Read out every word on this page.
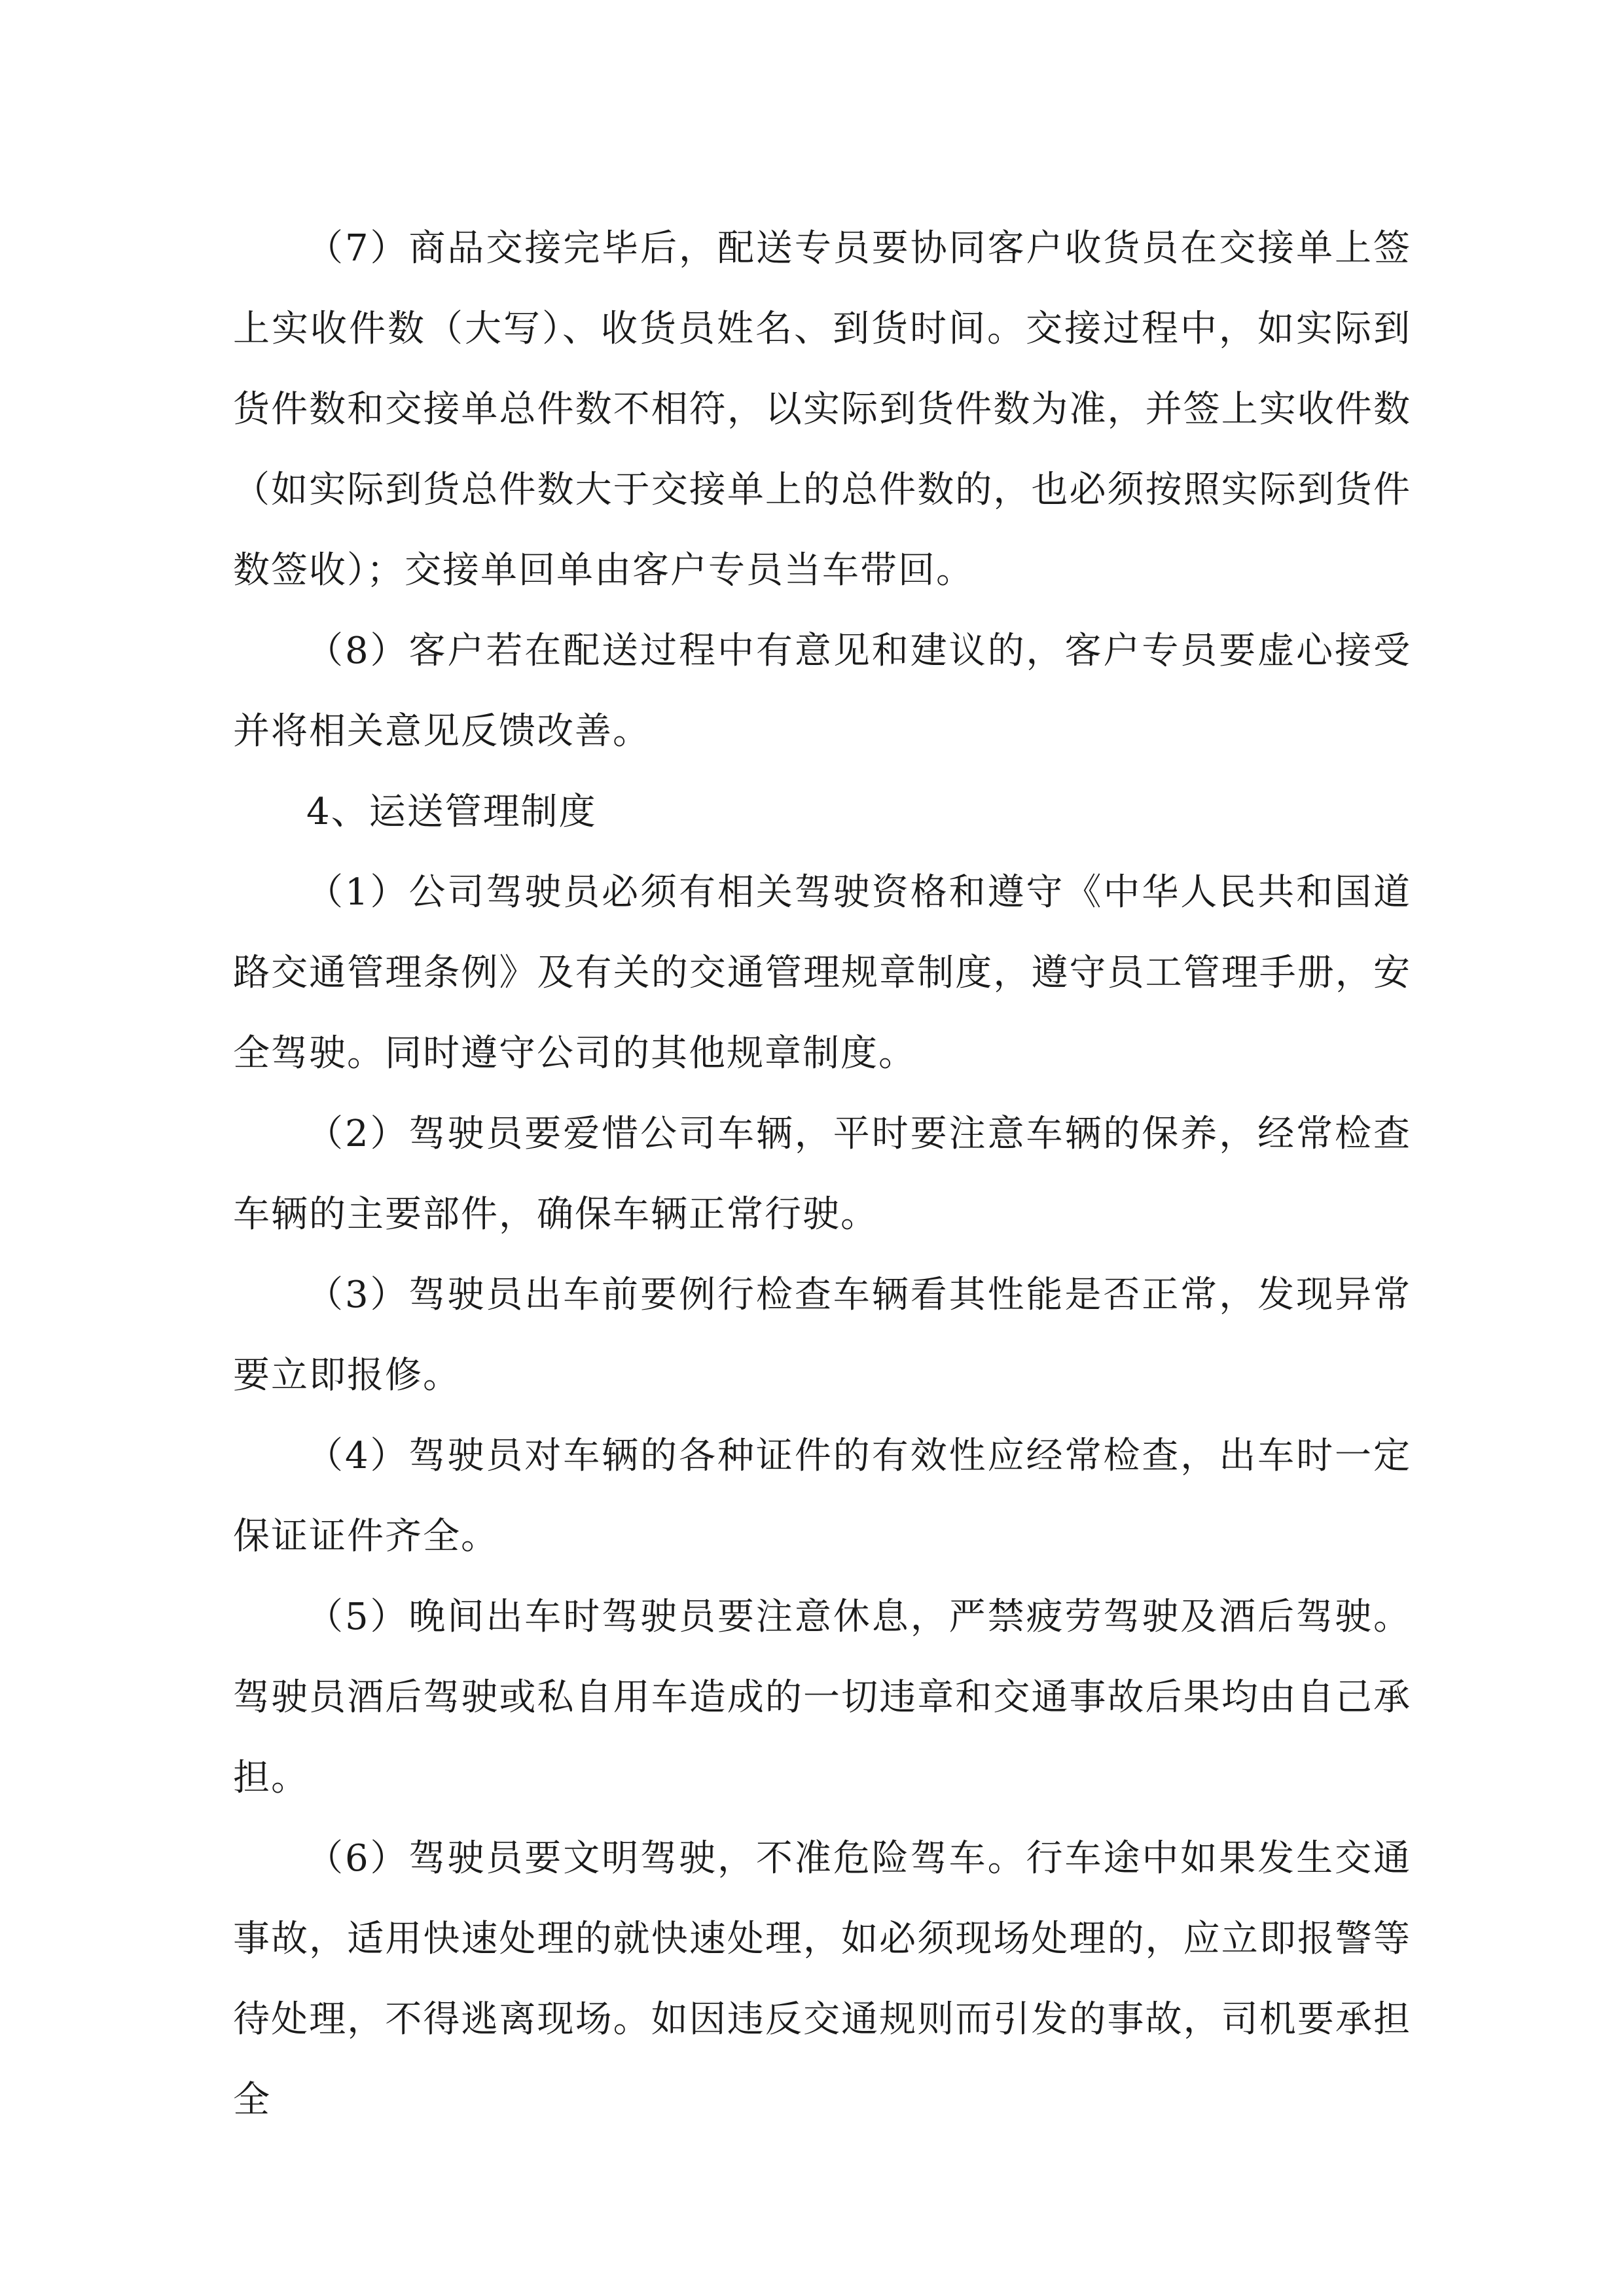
（7）商品交接完毕后，配送专员要协同客户收货员在交接单上签上实收件数（大写）、收货员姓名、到货时间。交接过程中，如实际到货件数和交接单总件数不相符，以实际到货件数为准，并签上实收件数（如实际到货总件数大于交接单上的总件数的，也必须按照实际到货件数签收）；交接单回单由客户专员当车带回。

（8）客户若在配送过程中有意见和建议的，客户专员要虚心接受并将相关意见反馈改善。

4、运送管理制度

（1）公司驾驶员必须有相关驾驶资格和遵守《中华人民共和国道路交通管理条例》及有关的交通管理规章制度，遵守员工管理手册，安全驾驶。同时遵守公司的其他规章制度。

（2）驾驶员要爱惜公司车辆，平时要注意车辆的保养，经常检查车辆的主要部件，确保车辆正常行驶。

（3）驾驶员出车前要例行检查车辆看其性能是否正常，发现异常要立即报修。

（4）驾驶员对车辆的各种证件的有效性应经常检查，出车时一定保证证件齐全。

（5）晚间出车时驾驶员要注意休息，严禁疲劳驾驶及酒后驾驶。驾驶员酒后驾驶或私自用车造成的一切违章和交通事故后果均由自己承担。

（6）驾驶员要文明驾驶，不准危险驾车。行车途中如果发生交通事故，适用快速处理的就快速处理，如必须现场处理的，应立即报警等待处理，不得逃离现场。如因违反交通规则而引发的事故，司机要承担全
